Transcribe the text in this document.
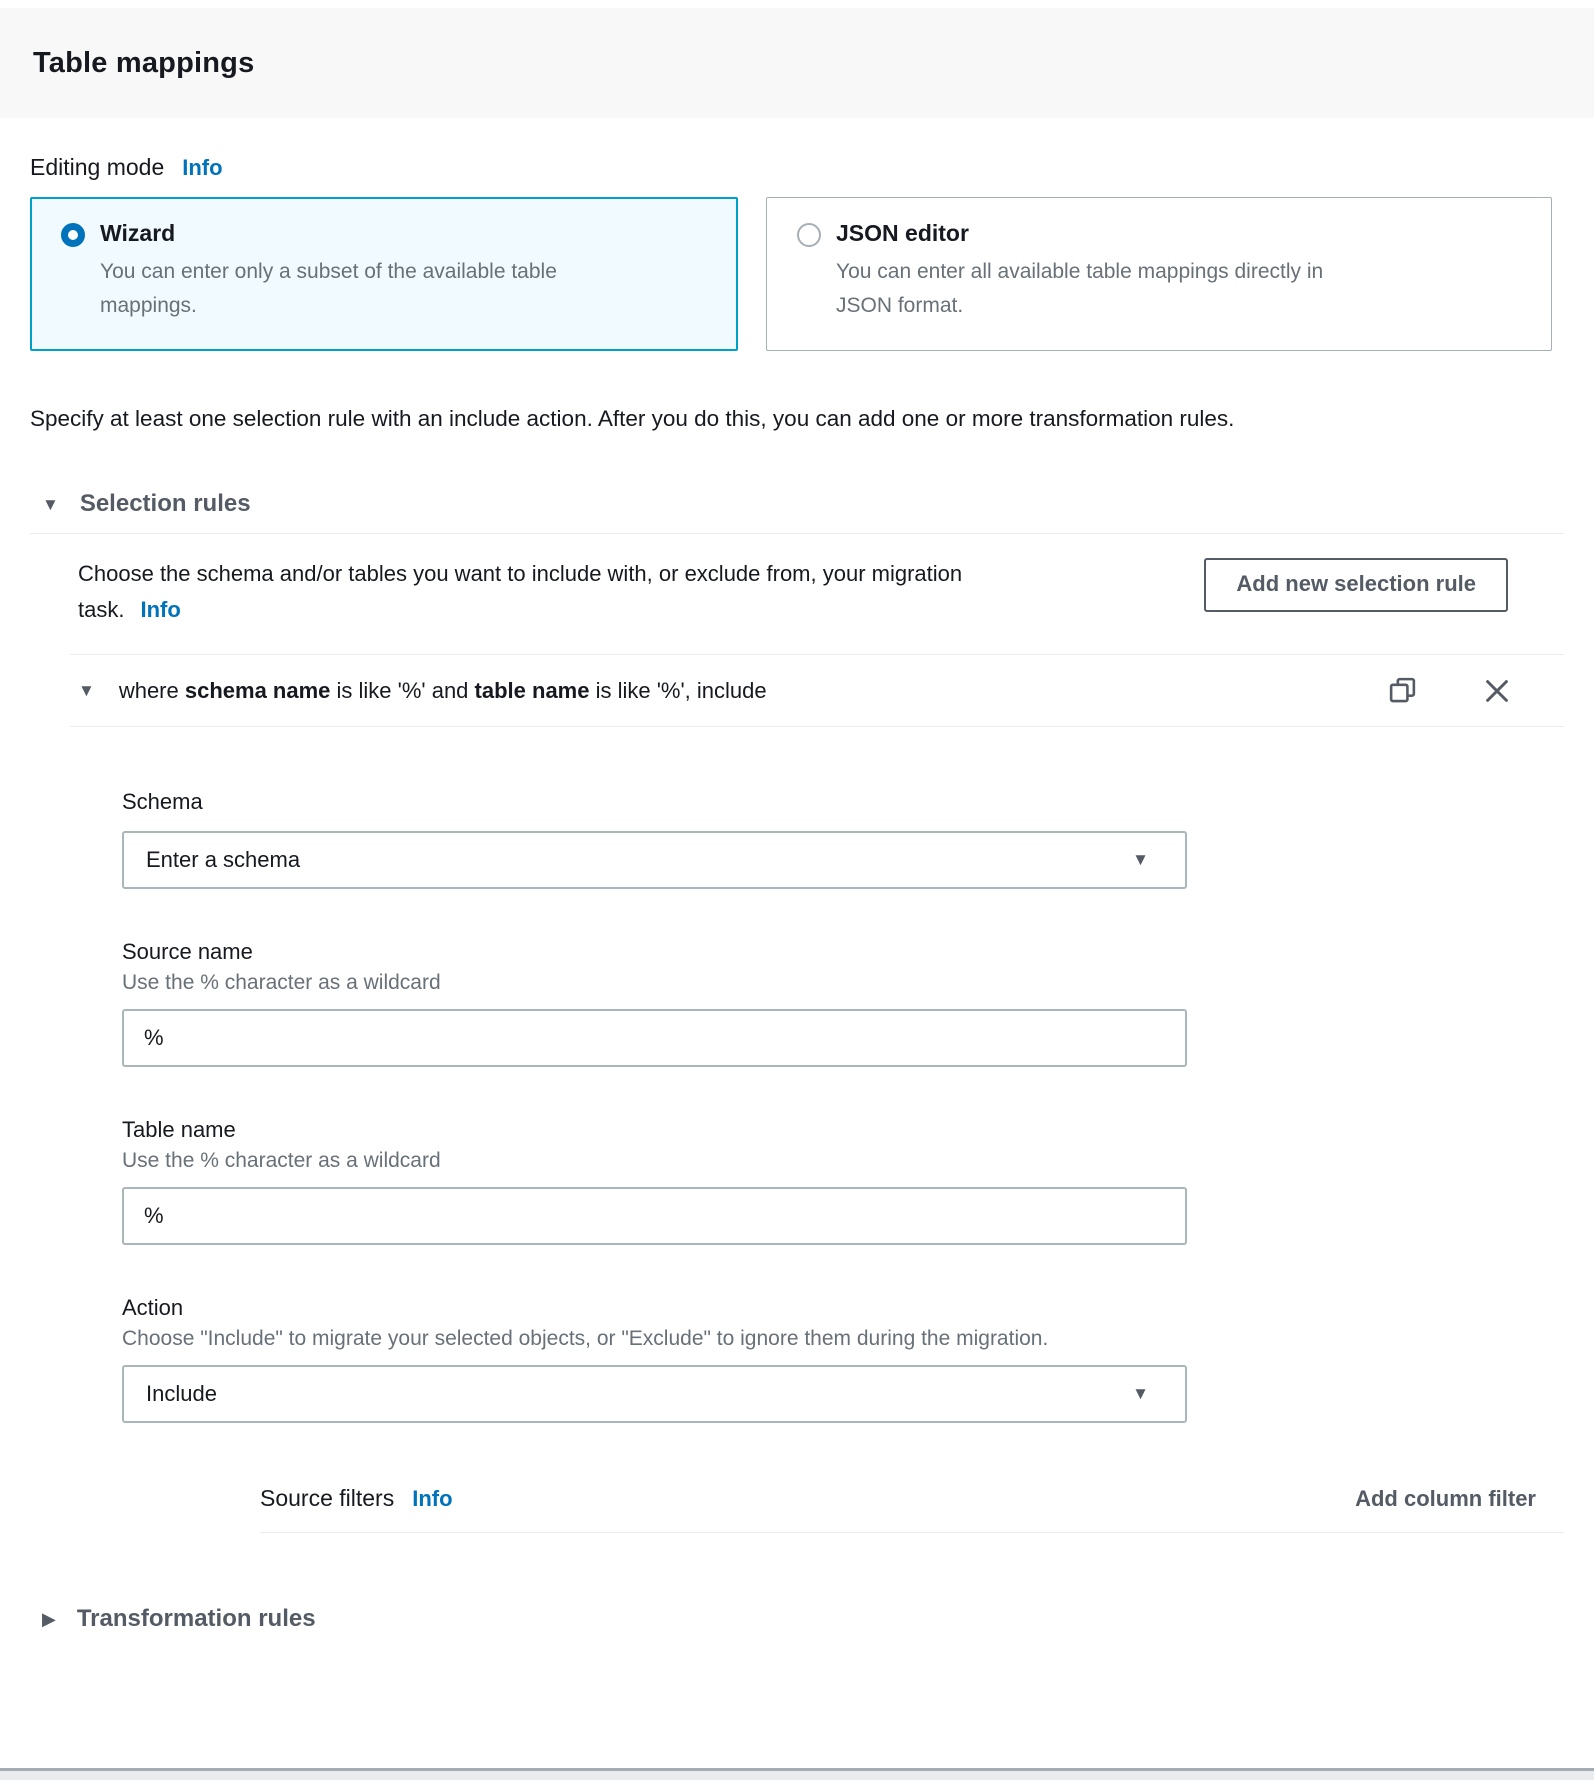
Table mappings
Editing mode Info
Wizard
You can enter only a subset of the available table mappings.
JSON editor
You can enter all available table mappings directly in JSON format.

Specify at least one selection rule with an include action. After you do this, you can add one or more transformation rules.

▼ Selection rules
Choose the schema and/or tables you want to include with, or exclude from, your migration task. Info
Add new selection rule
▼ where schema name is like '%' and table name is like '%', include
Schema
Enter a schema	▼
Source name
Use the % character as a wildcard
%
Table name
Use the % character as a wildcard
%
Action
Choose "Include" to migrate your selected objects, or "Exclude" to ignore them during the migration.
Include	▼
Source filters Info	Add column filter
▶ Transformation rules
